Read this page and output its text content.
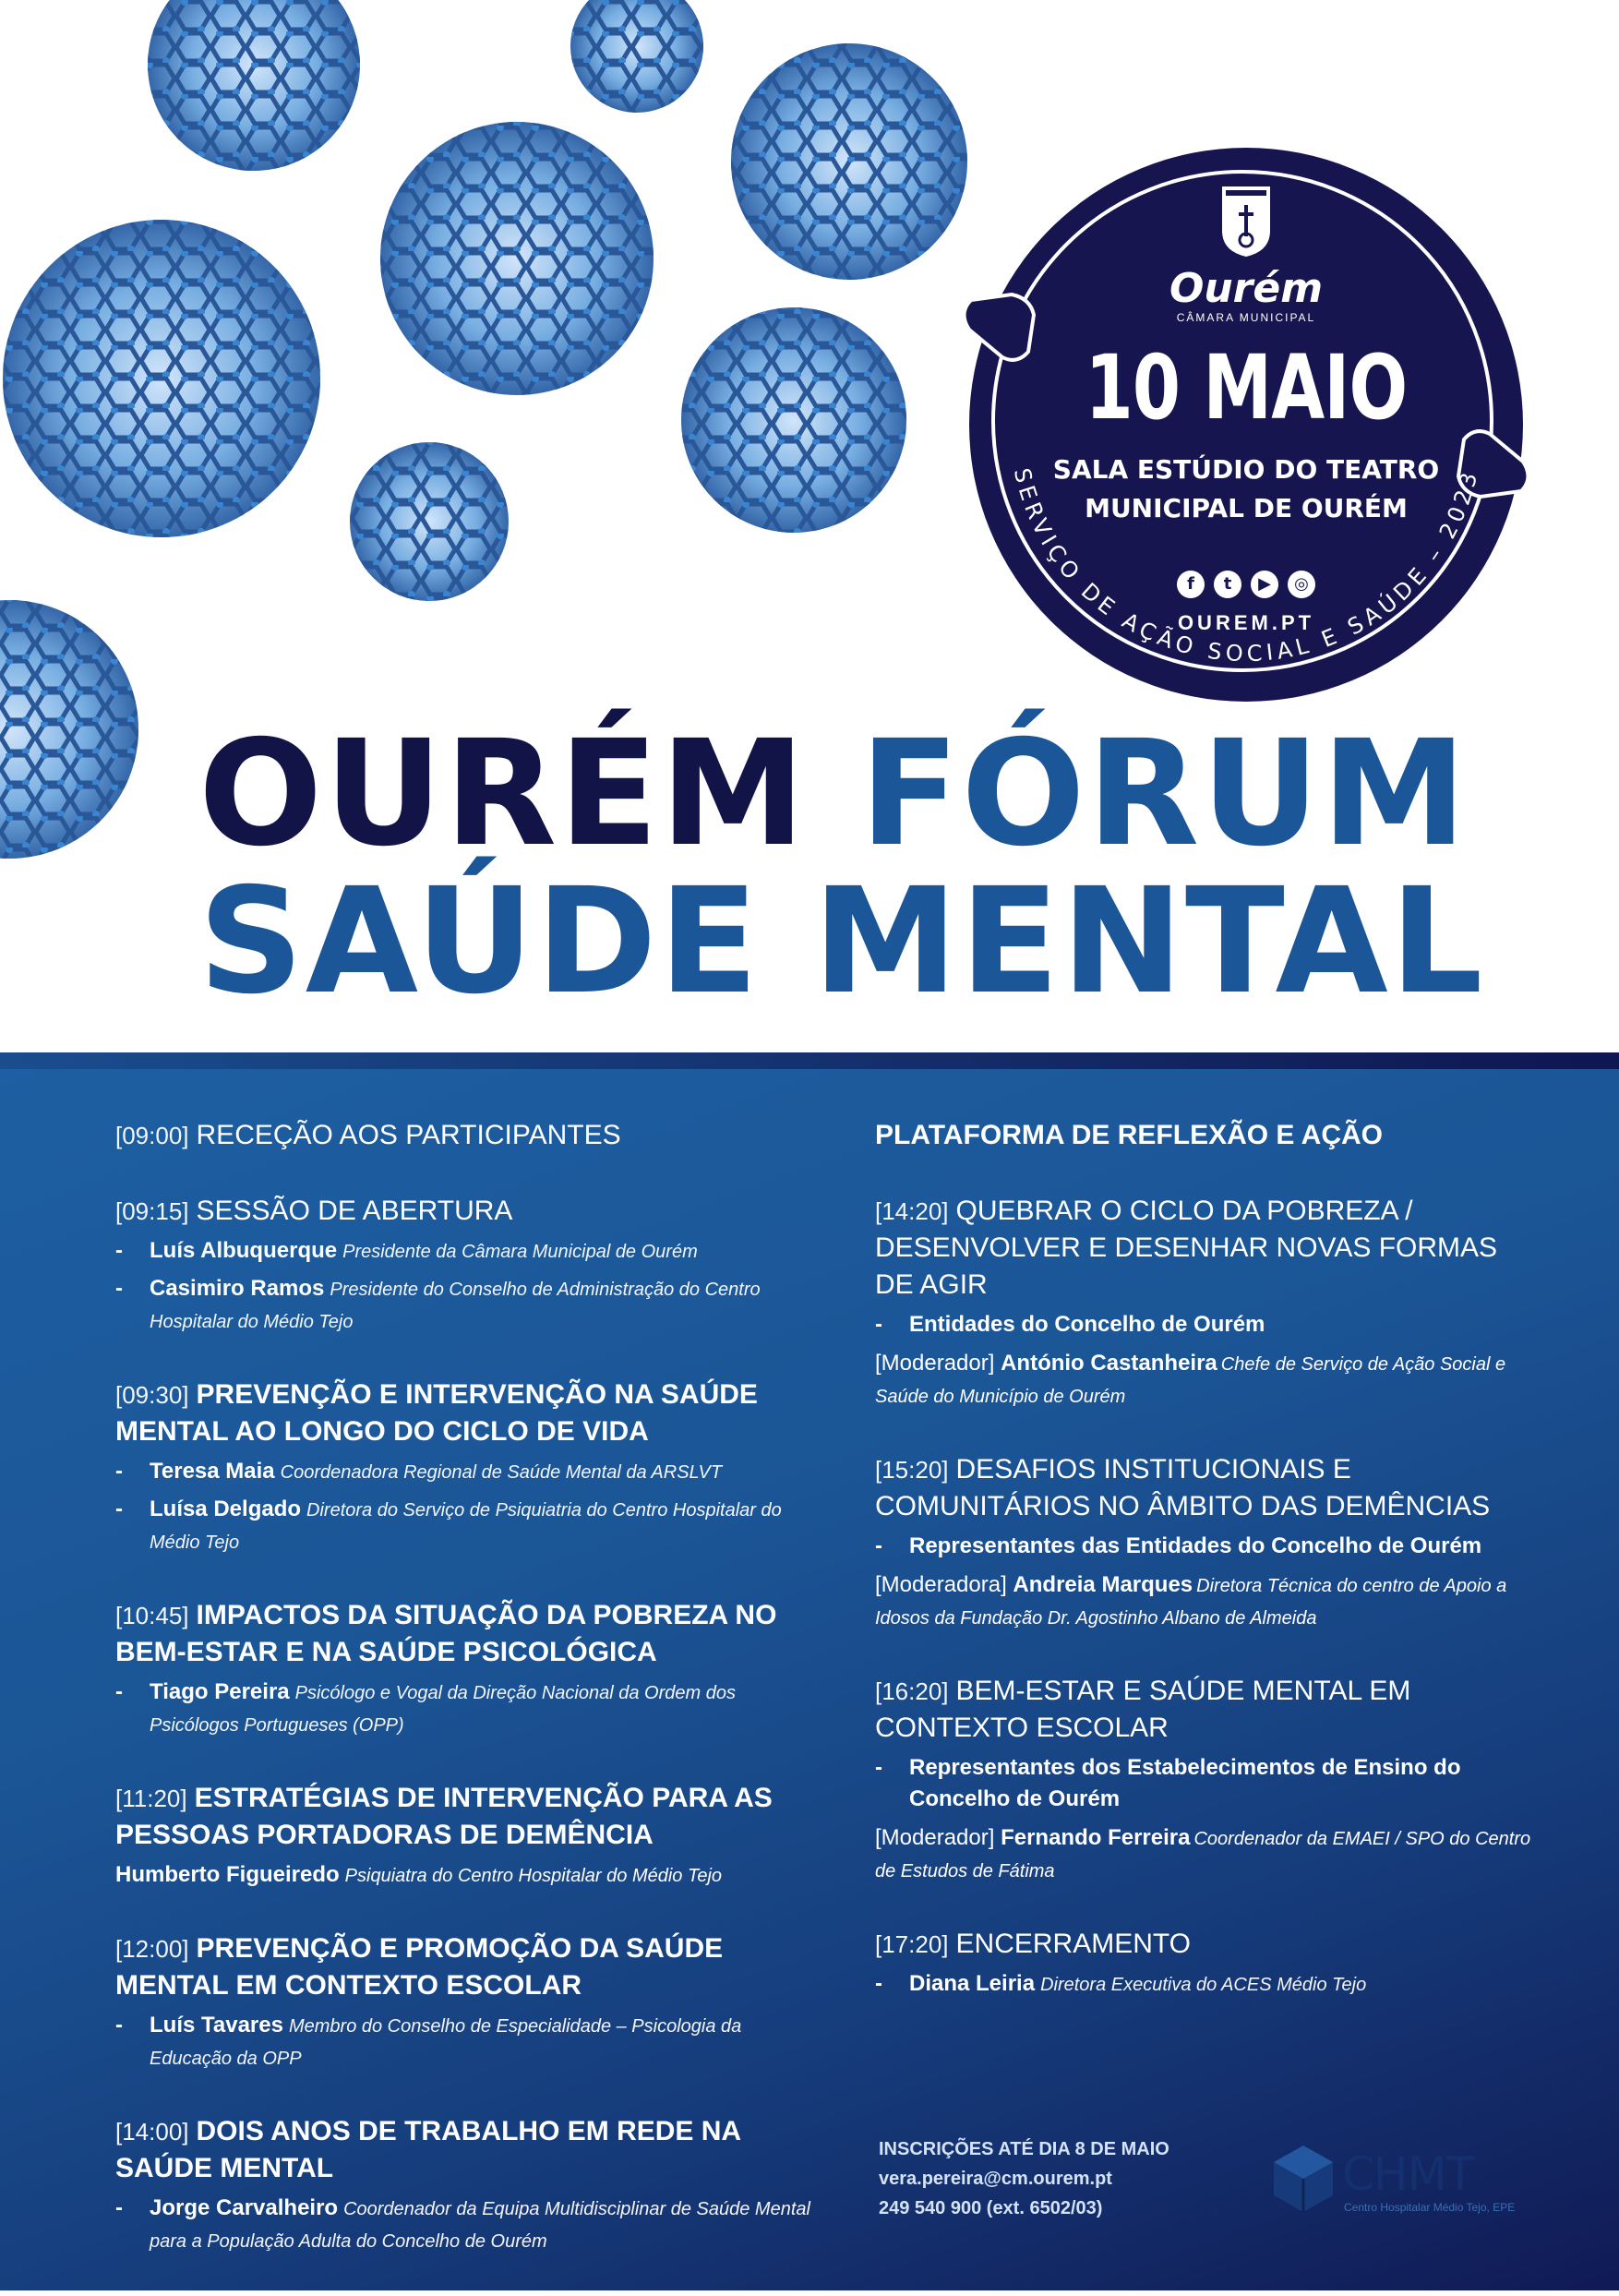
SERVIÇO DE AÇÃO SOCIAL E SAÚDE – 2023
Ourém
CÂMARA MUNICIPAL
10 MAIO
SALA ESTÚDIO DO TEATRO
MUNICIPAL DE OURÉM
f t ▶ ◎
OUREM.PT
OURÉM FÓRUM
SAÚDE MENTAL
[09:00] RECEÇÃO AOS PARTICIPANTES
[09:15] SESSÃO DE ABERTURA
- Luís Albuquerque Presidente da Câmara Municipal de Ourém
- Casimiro Ramos Presidente do Conselho de Administração do Centro Hospitalar do Médio Tejo
[09:30] PREVENÇÃO E INTERVENÇÃO NA SAÚDE MENTAL AO LONGO DO CICLO DE VIDA
- Teresa Maia Coordenadora Regional de Saúde Mental da ARSLVT
- Luísa Delgado Diretora do Serviço de Psiquiatria do Centro Hospitalar do Médio Tejo
[10:45] IMPACTOS DA SITUAÇÃO DA POBREZA NO BEM-ESTAR E NA SAÚDE PSICOLÓGICA
- Tiago Pereira Psicólogo e Vogal da Direção Nacional da Ordem dos Psicólogos Portugueses (OPP)
[11:20] ESTRATÉGIAS DE INTERVENÇÃO PARA AS PESSOAS PORTADORAS DE DEMÊNCIA
Humberto Figueiredo Psiquiatra do Centro Hospitalar do Médio Tejo
[12:00] PREVENÇÃO E PROMOÇÃO DA SAÚDE MENTAL EM CONTEXTO ESCOLAR
- Luís Tavares Membro do Conselho de Especialidade – Psicologia da Educação da OPP
[14:00] DOIS ANOS DE TRABALHO EM REDE NA SAÚDE MENTAL
- Jorge Carvalheiro Coordenador da Equipa Multidisciplinar de Saúde Mental para a População Adulta do Concelho de Ourém
PLATAFORMA DE REFLEXÃO E AÇÃO
[14:20] QUEBRAR O CICLO DA POBREZA / DESENVOLVER E DESENHAR NOVAS FORMAS DE AGIR
- Entidades do Concelho de Ourém
[Moderador] António Castanheira Chefe de Serviço de Ação Social e Saúde do Município de Ourém
[15:20] DESAFIOS INSTITUCIONAIS E COMUNITÁRIOS NO ÂMBITO DAS DEMÊNCIAS
- Representantes das Entidades do Concelho de Ourém
[Moderadora] Andreia Marques Diretora Técnica do centro de Apoio a Idosos da Fundação Dr. Agostinho Albano de Almeida
[16:20] BEM-ESTAR E SAÚDE MENTAL EM CONTEXTO ESCOLAR
- Representantes dos Estabelecimentos de Ensino do Concelho de Ourém
[Moderador] Fernando Ferreira Coordenador da EMAEI / SPO do Centro de Estudos de Fátima
[17:20] ENCERRAMENTO
- Diana Leiria Diretora Executiva do ACES Médio Tejo
INSCRIÇÕES ATÉ DIA 8 DE MAIO
vera.pereira@cm.ourem.pt
249 540 900 (ext. 6502/03)
CHMT
Centro Hospitalar Médio Tejo, EPE
